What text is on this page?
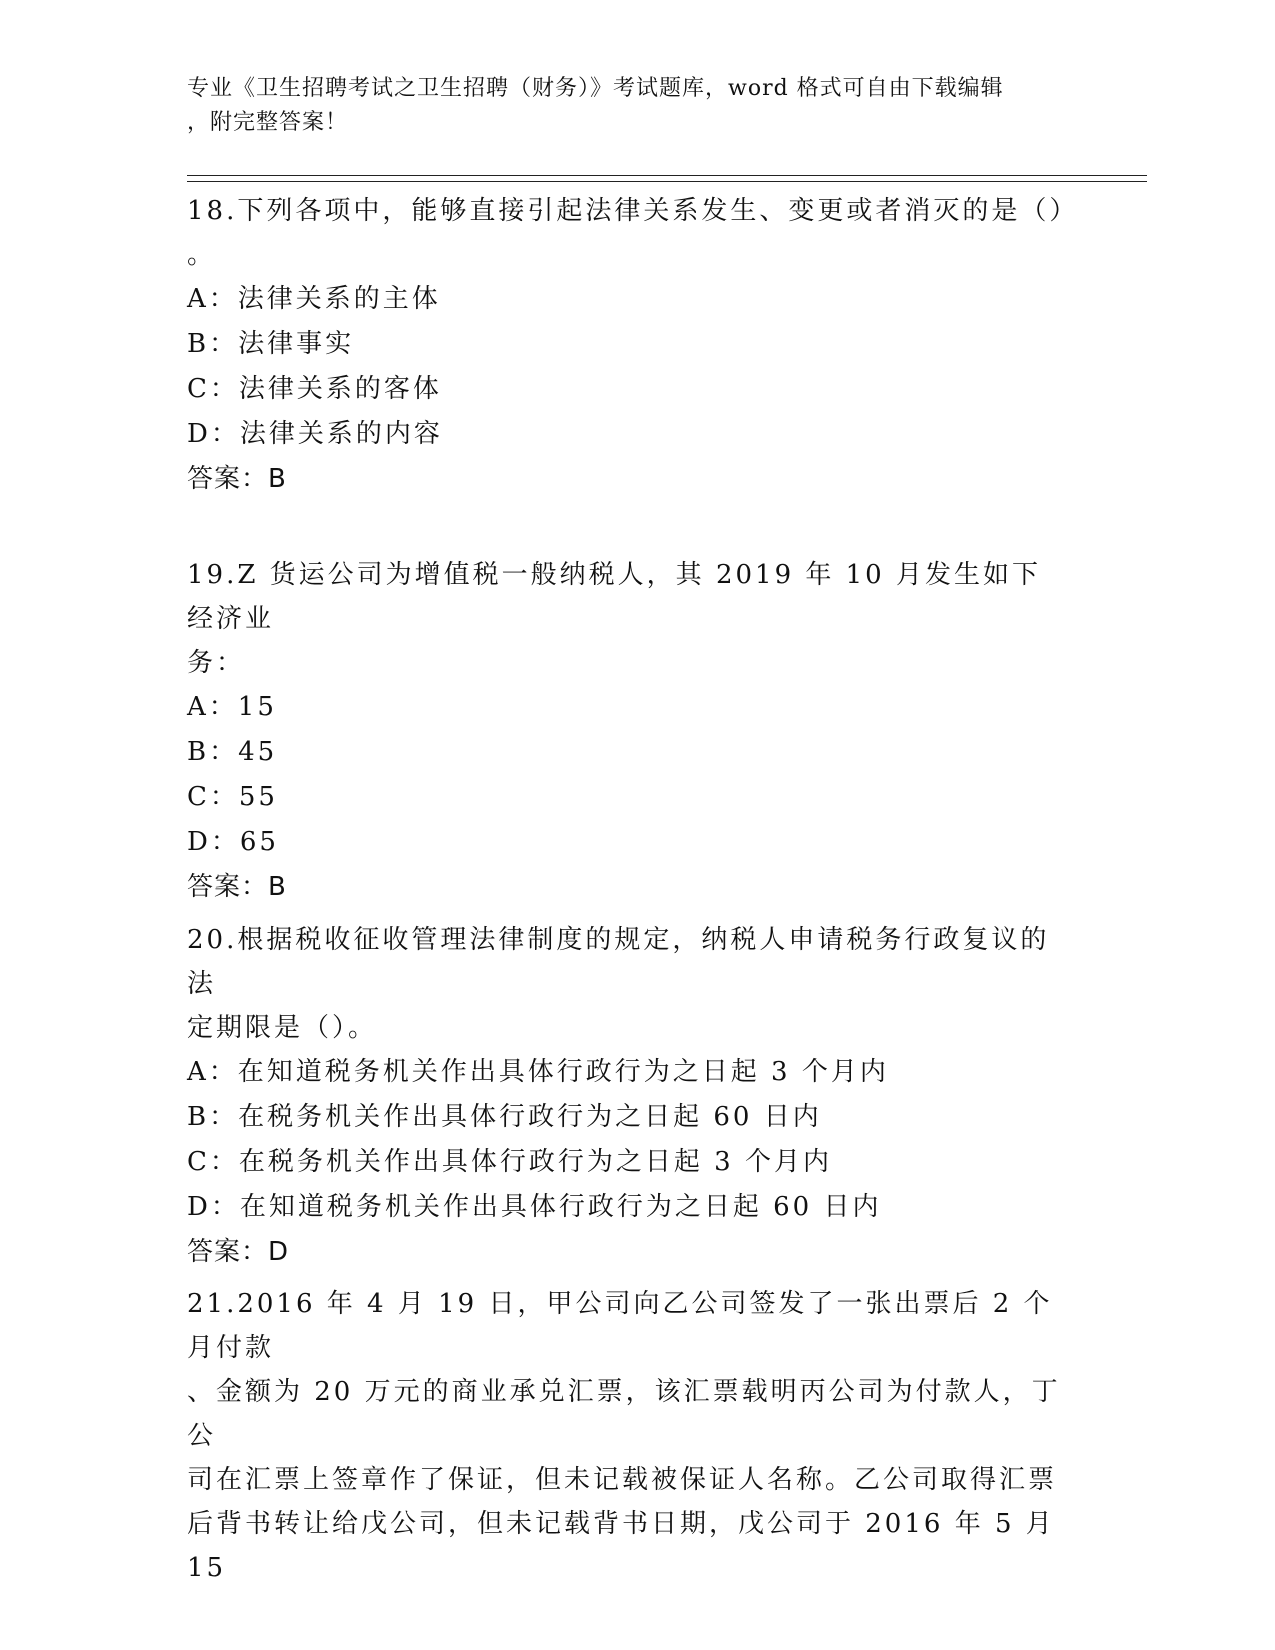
专业《卫生招聘考试之卫生招聘（财务）》考试题库，word 格式可自由下载编辑

，附完整答案！

18.下列各项中，能够直接引起法律关系发生、变更或者消灭的是（）

。

A：法律关系的主体

B：法律事实

C：法律关系的客体

D：法律关系的内容

答案：B

19.Z 货运公司为增值税一般纳税人，其 2019 年 10 月发生如下经济业

务：

A：15

B：45

C：55

D：65

答案：B

20.根据税收征收管理法律制度的规定，纳税人申请税务行政复议的法

定期限是（）。

A：在知道税务机关作出具体行政行为之日起 3 个月内

B：在税务机关作出具体行政行为之日起 60 日内

C：在税务机关作出具体行政行为之日起 3 个月内

D：在知道税务机关作出具体行政行为之日起 60 日内

答案：D

21.2016 年 4 月 19 日，甲公司向乙公司签发了一张出票后 2 个月付款

、金额为 20 万元的商业承兑汇票，该汇票载明丙公司为付款人，丁公

司在汇票上签章作了保证，但未记载被保证人名称。乙公司取得汇票

后背书转让给戊公司，但未记载背书日期，戊公司于 2016 年 5 月 15
